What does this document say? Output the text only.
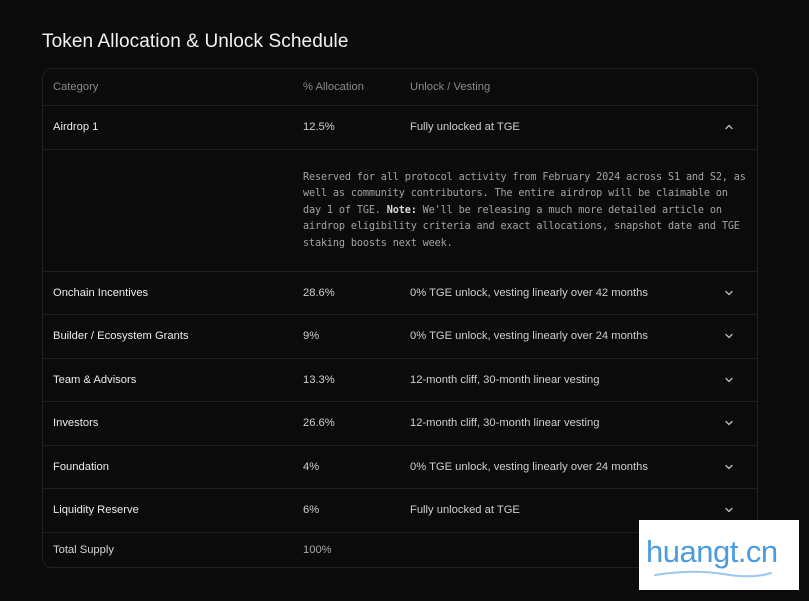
Token Allocation & Unlock Schedule
Category	% Allocation	Unlock / Vesting
Airdrop 1	12.5%	Fully unlocked at TGE

Reserved for all protocol activity from February 2024 across S1 and S2, as well as community contributors. The entire airdrop will be claimable on day 1 of TGE. Note: We'll be releasing a much more detailed article on airdrop eligibility criteria and exact allocations, snapshot date and TGE staking boosts next week.

Onchain Incentives	28.6%	0% TGE unlock, vesting linearly over 42 months
Builder / Ecosystem Grants	9%	0% TGE unlock, vesting linearly over 24 months
Team & Advisors	13.3%	12-month cliff, 30-month linear vesting
Investors	26.6%	12-month cliff, 30-month linear vesting
Foundation	4%	0% TGE unlock, vesting linearly over 24 months
Liquidity Reserve	6%	Fully unlocked at TGE
Total Supply	100%	huangt.cn
